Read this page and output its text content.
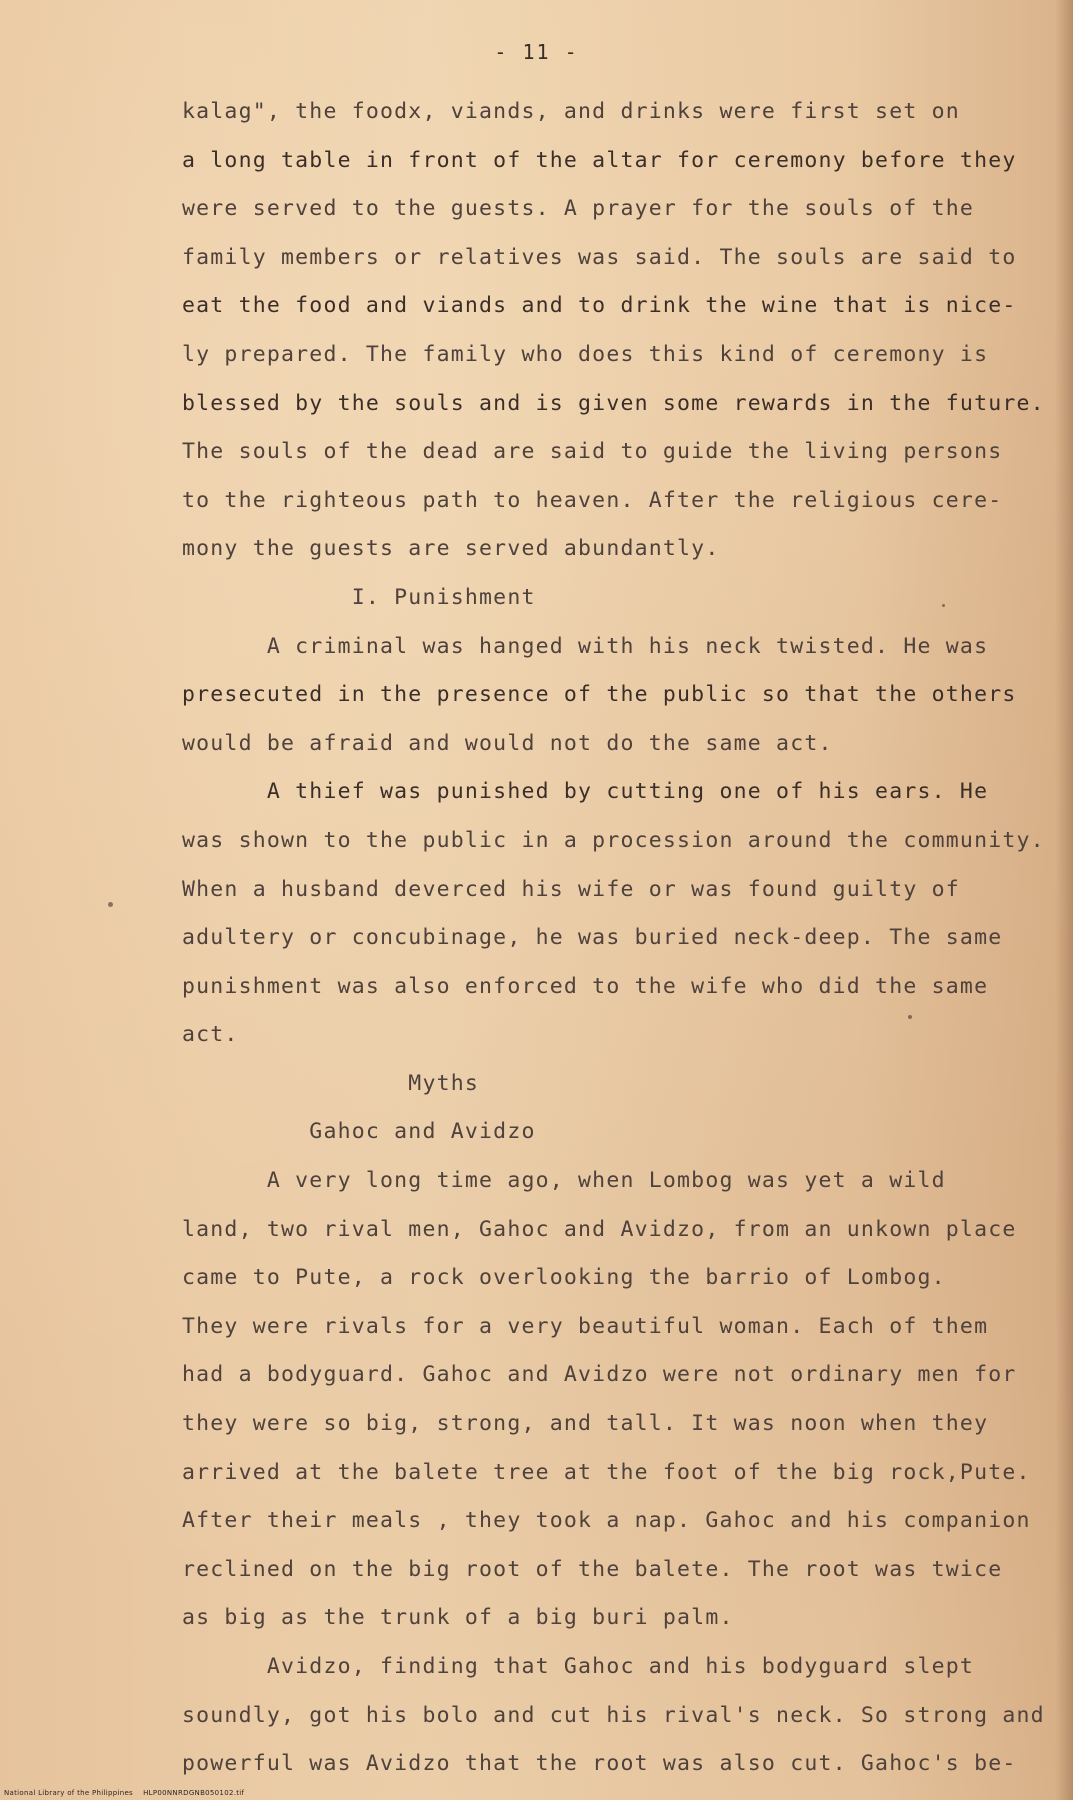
- 11 -
kalag", the foodx, viands, and drinks were first set on
a long table in front of the altar for ceremony before they
were served to the guests. A prayer for the souls of the
family members or relatives was said. The souls are said to
eat the food and viands and to drink the wine that is nice-
ly prepared. The family who does this kind of ceremony is
blessed by the souls and is given some rewards in the future.
The souls of the dead are said to guide the living persons
to the righteous path to heaven. After the religious cere-
mony the guests are served abundantly.
I. Punishment
A criminal was hanged with his neck twisted. He was
presecuted in the presence of the public so that the others
would be afraid and would not do the same act.
A thief was punished by cutting one of his ears. He
was shown to the public in a procession around the community.
When a husband deverced his wife or was found guilty of
adultery or concubinage, he was buried neck-deep. The same
punishment was also enforced to the wife who did the same
act.
Myths
Gahoc and Avidzo
A very long time ago, when Lombog was yet a wild
land, two rival men, Gahoc and Avidzo, from an unkown place
came to Pute, a rock overlooking the barrio of Lombog.
They were rivals for a very beautiful woman. Each of them
had a bodyguard. Gahoc and Avidzo were not ordinary men for
they were so big, strong, and tall. It was noon when they
arrived at the balete tree at the foot of the big rock,Pute.
After their meals , they took a nap. Gahoc and his companion
reclined on the big root of the balete. The root was twice
as big as the trunk of a big buri palm.
Avidzo, finding that Gahoc and his bodyguard slept
soundly, got his bolo and cut his rival's neck. So strong and
powerful was Avidzo that the root was also cut. Gahoc's be-
National Library of the Philippines    HLP00NNRDGNB050102.tif
